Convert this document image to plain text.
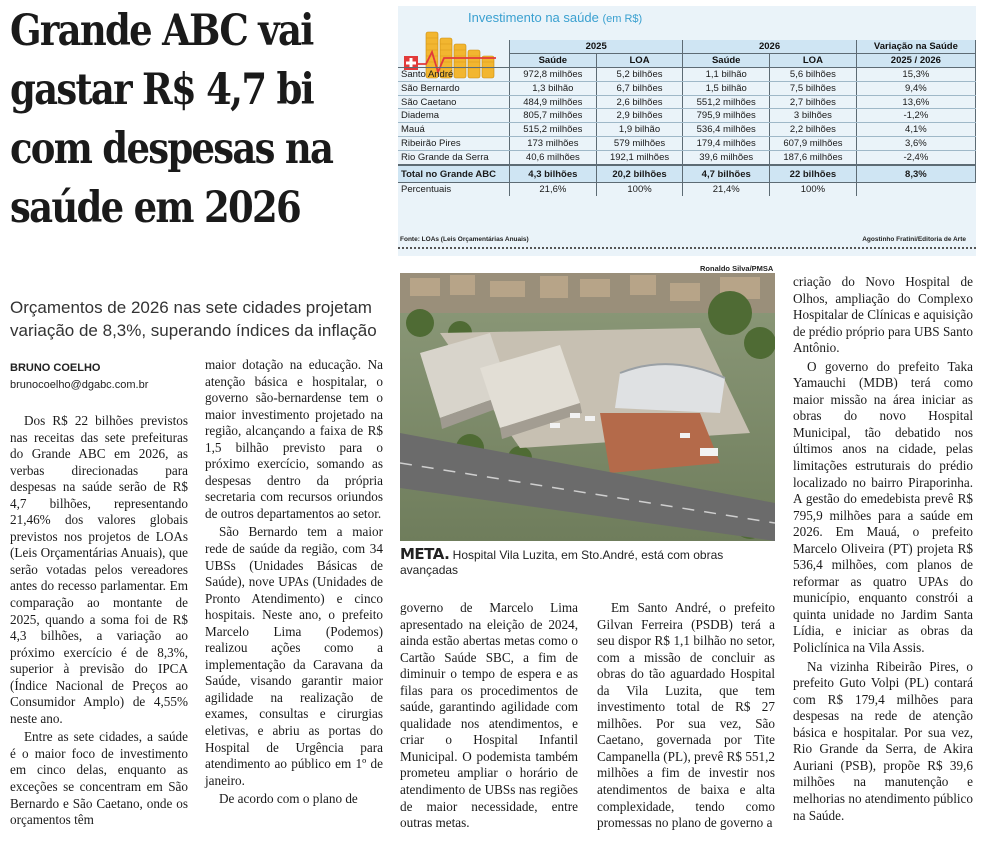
Grande ABC vai gastar R$ 4,7 bi com despesas na saúde em 2026

Orçamentos de 2026 nas sete cidades projetam variação de 8,3%, superando índices da inflação

BRUNO COELHO
brunocoelho@dgabc.com.br

Dos R$ 22 bilhões previstos nas receitas das sete prefeituras do Grande ABC em 2026, as verbas direcionadas para despesas na saúde serão de R$ 4,7 bilhões, representando 21,46% dos valores globais previstos nos projetos de LOAs (Leis Orçamentárias Anuais), que serão votadas pelos vereadores antes do recesso parlamentar. Em comparação ao montante de 2025, quando a soma foi de R$ 4,3 bilhões, a variação ao próximo exercício é de 8,3%, superior à previsão do IPCA (Índice Nacional de Preços ao Consumidor Amplo) de 4,55% neste ano.

Entre as sete cidades, a saúde é o maior foco de investimento em cinco delas, enquanto as exceções se concentram em São Bernardo e São Caetano, onde os orçamentos têm

maior dotação na educação. Na atenção básica e hospitalar, o governo são-bernardense tem o maior investimento projetado na região, alcançando a faixa de R$ 1,5 bilhão previsto para o próximo exercício, somando as despesas dentro da própria secretaria com recursos oriundos de outros departamentos ao setor.

São Bernardo tem a maior rede de saúde da região, com 34 UBSs (Unidades Básicas de Saúde), nove UPAs (Unidades de Pronto Atendimento) e cinco hospitais. Neste ano, o prefeito Marcelo Lima (Podemos) realizou ações como a implementação da Caravana da Saúde, visando garantir maior agilidade na realização de exames, consultas e cirurgias eletivas, e abriu as portas do Hospital de Urgência para atendimento ao público em 1º de janeiro.

De acordo com o plano de

governo de Marcelo Lima apresentado na eleição de 2024, ainda estão abertas metas como o Cartão Saúde SBC, a fim de diminuir o tempo de espera e as filas para os procedimentos de saúde, garantindo agilidade com qualidade nos atendimentos, e criar o Hospital Infantil Municipal. O podemista também prometeu ampliar o horário de atendimento de UBSs nas regiões de maior necessidade, entre outras metas.

Em Santo André, o prefeito Gilvan Ferreira (PSDB) terá a seu dispor R$ 1,1 bilhão no setor, com a missão de concluir as obras do tão aguardado Hospital da Vila Luzita, que tem investimento total de R$ 27 milhões. Por sua vez, São Caetano, governada por Tite Campanella (PL), prevê R$ 551,2 milhões a fim de investir nos atendimentos de baixa e alta complexidade, tendo como promessas no plano de governo a

criação do Novo Hospital de Olhos, ampliação do Complexo Hospitalar de Clínicas e aquisição de prédio próprio para UBS Santo Antônio.

O governo do prefeito Taka Yamauchi (MDB) terá como maior missão na área iniciar as obras do novo Hospital Municipal, tão debatido nos últimos anos na cidade, pelas limitações estruturais do prédio localizado no bairro Piraporinha. A gestão do emedebista prevê R$ 795,9 milhões para a saúde em 2026. Em Mauá, o prefeito Marcelo Oliveira (PT) projeta R$ 536,4 milhões, com planos de reformar as quatro UPAs do município, enquanto constrói a quinta unidade no Jardim Santa Lídia, e iniciar as obras da Policlínica na Vila Assis.

Na vizinha Ribeirão Pires, o prefeito Guto Volpi (PL) contará com R$ 179,4 milhões para despesas na rede de atenção básica e hospitalar. Por sua vez, Rio Grande da Serra, de Akira Auriani (PSB), propõe R$ 39,6 milhões na manutenção e melhorias no atendimento público na Saúde.

Investimento na saúde (em R$)
	2025		2026		Variação na Saúde
	Saúde	LOA	Saúde	LOA	2025 / 2026
Santo André	972,8 milhões	5,2 bilhões	1,1 bilhão	5,6 bilhões	15,3%
São Bernardo	1,3 bilhão	6,7 bilhões	1,5 bilhão	7,5 bilhões	9,4%
São Caetano	484,9 milhões	2,6 bilhões	551,2 milhões	2,7 bilhões	13,6%
Diadema	805,7 milhões	2,9 bilhões	795,9 milhões	3 bilhões	-1,2%
Mauá	515,2 milhões	1,9 bilhão	536,4 milhões	2,2 bilhões	4,1%
Ribeirão Pires	173 milhões	579 milhões	179,4 milhões	607,9 milhões	3,6%
Rio Grande da Serra	40,6 milhões	192,1 milhões	39,6 milhões	187,6 milhões	-2,4%
Total no Grande ABC	4,3 bilhões	20,2 bilhões	4,7 bilhões	22 bilhões	8,3%
Percentuais	21,6%	100%	21,4%	100%	
Fonte: LOAs (Leis Orçamentárias Anuais)	Agostinho Fratini/Editoria de Arte
Ronaldo Silva/PMSA
META. Hospital Vila Luzita, em Sto.André, está com obras avançadas
